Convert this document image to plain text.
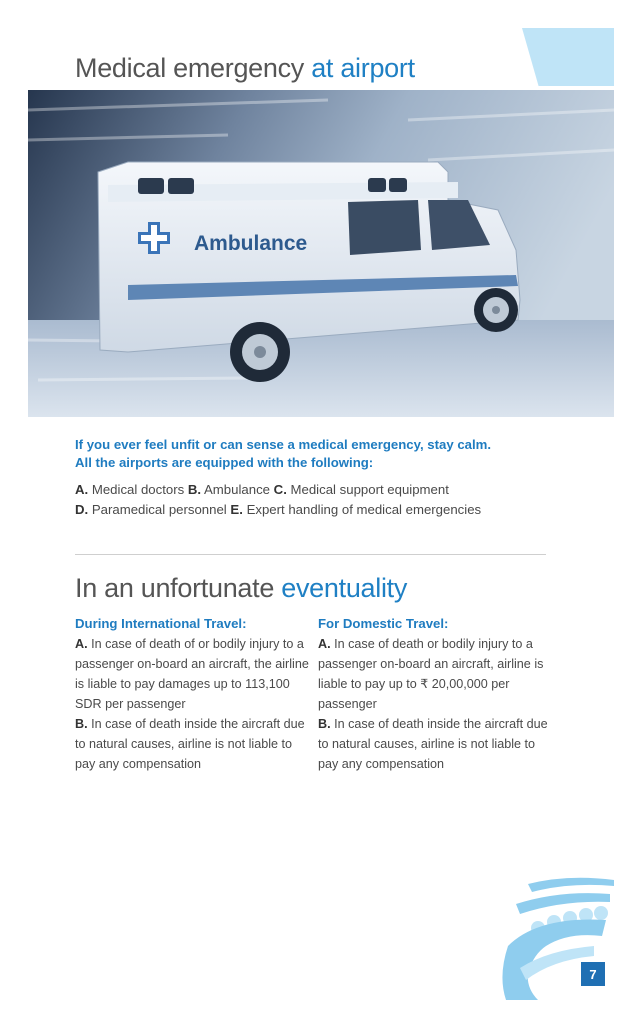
Medical emergency at airport
Ambulance
If you ever feel unfit or can sense a medical emergency, stay calm.
All the airports are equipped with the following:
A. Medical doctors B. Ambulance C. Medical support equipment
D. Paramedical personnel E. Expert handling of medical emergencies
In an unfortunate eventuality
During International Travel:

A. In case of death of or bodily injury to a passenger on-board an aircraft, the airline is liable to pay damages up to 113,100 SDR per passenger

B. In case of death inside the aircraft due to natural causes, airline is not liable to pay any compensation

For Domestic Travel:

A. In case of death or bodily injury to a passenger on-board an aircraft, airline is liable to pay up to ₹ 20,00,000 per passenger

B. In case of death inside the aircraft due to natural causes, airline is not liable to pay any compensation

7
